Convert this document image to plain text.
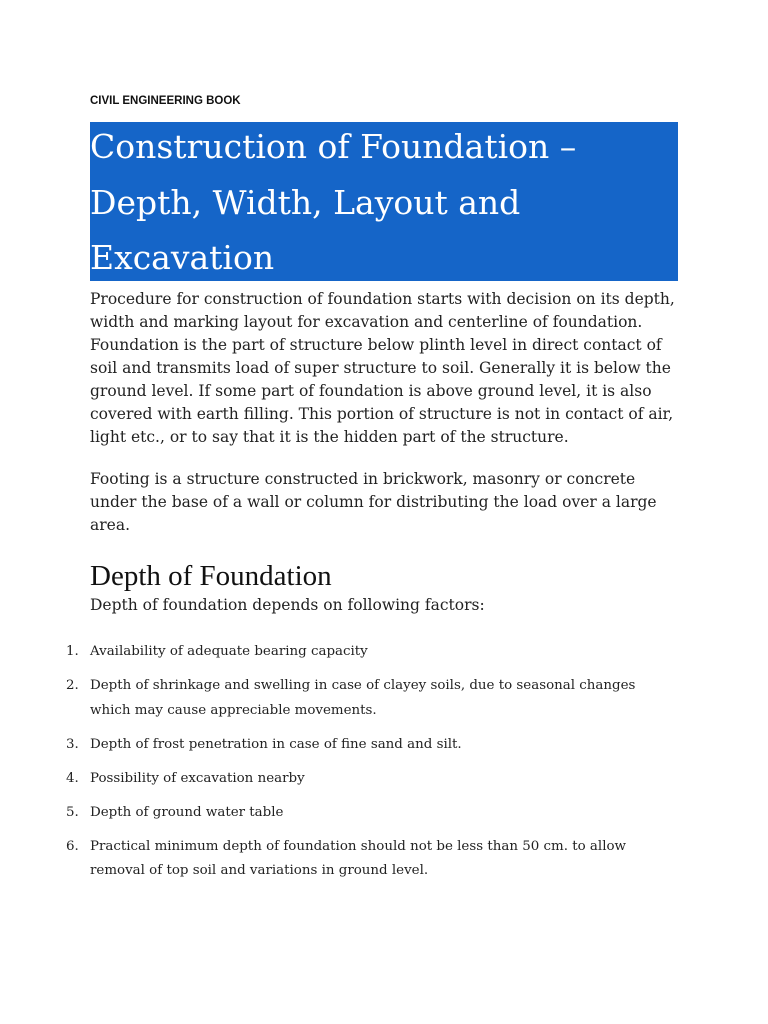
CIVIL ENGINEERING BOOK
Construction of Foundation – Depth, Width, Layout and Excavation

Procedure for construction of foundation starts with decision on its depth, width and marking layout for excavation and centerline of foundation. Foundation is the part of structure below plinth level in direct contact of soil and transmits load of super structure to soil. Generally it is below the ground level. If some part of foundation is above ground level, it is also covered with earth filling. This portion of structure is not in contact of air, light etc., or to say that it is the hidden part of the structure.

Footing is a structure constructed in brickwork, masonry or concrete under the base of a wall or column for distributing the load over a large area.

Depth of Foundation

Depth of foundation depends on following factors:

1. Availability of adequate bearing capacity
2. Depth of shrinkage and swelling in case of clayey soils, due to seasonal changes which may cause appreciable movements.
3. Depth of frost penetration in case of fine sand and silt.
4. Possibility of excavation nearby
5. Depth of ground water table
6. Practical minimum depth of foundation should not be less than 50 cm. to allow removal of top soil and variations in ground level.
